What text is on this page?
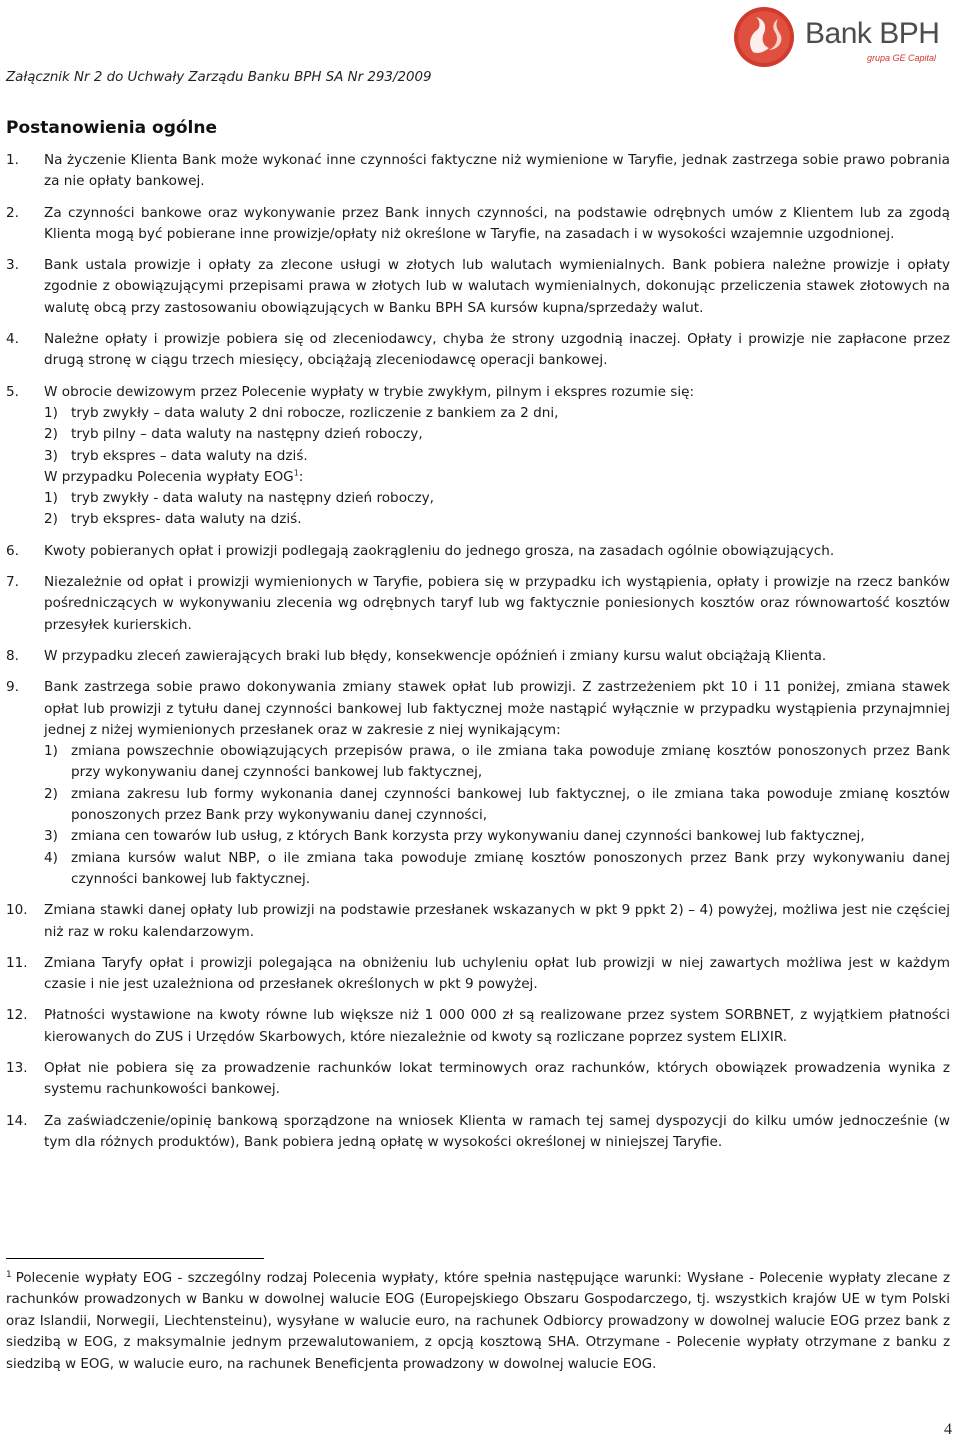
Załącznik Nr 2 do Uchwały Zarządu Banku BPH SA Nr 293/2009
Bank BPH
grupa GE Capital
Postanowienia ogólne
1.	Na życzenie Klienta Bank może wykonać inne czynności faktyczne niż wymienione w Taryfie, jednak zastrzega sobie prawo pobrania za nie opłaty bankowej.
2.	Za czynności bankowe oraz wykonywanie przez Bank innych czynności, na podstawie odrębnych umów z Klientem lub za zgodą Klienta mogą być pobierane inne prowizje/opłaty niż określone w Taryfie, na zasadach i w wysokości wzajemnie uzgodnionej.
3.	Bank ustala prowizje i opłaty za zlecone usługi w złotych lub walutach wymienialnych. Bank pobiera należne prowizje i opłaty zgodnie z obowiązującymi przepisami prawa w złotych lub w walutach wymienialnych, dokonując przeliczenia stawek złotowych na walutę obcą przy zastosowaniu obowiązujących w Banku BPH SA kursów kupna/sprzedaży walut.
4.	Należne opłaty i prowizje pobiera się od zleceniodawcy, chyba że strony uzgodnią inaczej. Opłaty i prowizje nie zapłacone przez drugą stronę w ciągu trzech miesięcy, obciążają zleceniodawcę operacji bankowej.
5.	W obrocie dewizowym przez Polecenie wypłaty w trybie zwykłym, pilnym i ekspres rozumie się:
1) tryb zwykły – data waluty 2 dni robocze, rozliczenie z bankiem za 2 dni,
2) tryb pilny – data waluty na następny dzień roboczy,
3) tryb ekspres – data waluty na dziś.
W przypadku Polecenia wypłaty EOG$^1$:
1) tryb zwykły - data waluty na następny dzień roboczy,
2) tryb ekspres- data waluty na dziś.
6.	Kwoty pobieranych opłat i prowizji podlegają zaokrągleniu do jednego grosza, na zasadach ogólnie obowiązujących.
7.	Niezależnie od opłat i prowizji wymienionych w Taryfie, pobiera się w przypadku ich wystąpienia, opłaty i prowizje na rzecz banków pośredniczących w wykonywaniu zlecenia wg odrębnych taryf lub wg faktycznie poniesionych kosztów oraz równowartość kosztów przesyłek kurierskich.
8.	W przypadku zleceń zawierających braki lub błędy, konsekwencje opóźnień i zmiany kursu walut obciążają Klienta.
9.	Bank zastrzega sobie prawo dokonywania zmiany stawek opłat lub prowizji. Z zastrzeżeniem pkt 10 i 11 poniżej, zmiana stawek opłat lub prowizji z tytułu danej czynności bankowej lub faktycznej może nastąpić wyłącznie w przypadku wystąpienia przynajmniej jednej z niżej wymienionych przesłanek oraz w zakresie z niej wynikającym:
1) zmiana powszechnie obowiązujących przepisów prawa, o ile zmiana taka powoduje zmianę kosztów ponoszonych przez Bank przy wykonywaniu danej czynności bankowej lub faktycznej,
2) zmiana zakresu lub formy wykonania danej czynności bankowej lub faktycznej, o ile zmiana taka powoduje zmianę kosztów ponoszonych przez Bank przy wykonywaniu danej czynności,
3) zmiana cen towarów lub usług, z których Bank korzysta przy wykonywaniu danej czynności bankowej lub faktycznej,
4) zmiana kursów walut NBP, o ile zmiana taka powoduje zmianę kosztów ponoszonych przez Bank przy wykonywaniu danej czynności bankowej lub faktycznej.
10.	Zmiana stawki danej opłaty lub prowizji na podstawie przesłanek wskazanych w pkt 9 ppkt 2) – 4) powyżej, możliwa jest nie częściej niż raz w roku kalendarzowym.
11.	Zmiana Taryfy opłat i prowizji polegająca na obniżeniu lub uchyleniu opłat lub prowizji w niej zawartych możliwa jest w każdym czasie i nie jest uzależniona od przesłanek określonych w pkt 9 powyżej.
12.	Płatności wystawione na kwoty równe lub większe niż 1 000 000 zł są realizowane przez system SORBNET, z wyjątkiem płatności kierowanych do ZUS i Urzędów Skarbowych, które niezależnie od kwoty są rozliczane poprzez system ELIXIR.
13.	Opłat nie pobiera się za prowadzenie rachunków lokat terminowych oraz rachunków, których obowiązek prowadzenia wynika z systemu rachunkowości bankowej.
14.	Za zaświadczenie/opinię bankową sporządzone na wniosek Klienta w ramach tej samej dyspozycji do kilku umów jednocześnie (w tym dla różnych produktów), Bank pobiera jedną opłatę w wysokości określonej w niniejszej Taryfie.
$^1$ Polecenie wypłaty EOG - szczególny rodzaj Polecenia wypłaty, które spełnia następujące warunki: Wysłane - Polecenie wypłaty zlecane z rachunków prowadzonych w Banku w dowolnej walucie EOG (Europejskiego Obszaru Gospodarczego, tj. wszystkich krajów UE w tym Polski oraz Islandii, Norwegii, Liechtensteinu), wysyłane w walucie euro, na rachunek Odbiorcy prowadzony w dowolnej walucie EOG przez bank z siedzibą w EOG, z maksymalnie jednym przewalutowaniem, z opcją kosztową SHA. Otrzymane - Polecenie wypłaty otrzymane z banku z siedzibą w EOG, w walucie euro, na rachunek Beneficjenta prowadzony w dowolnej walucie EOG.
4
